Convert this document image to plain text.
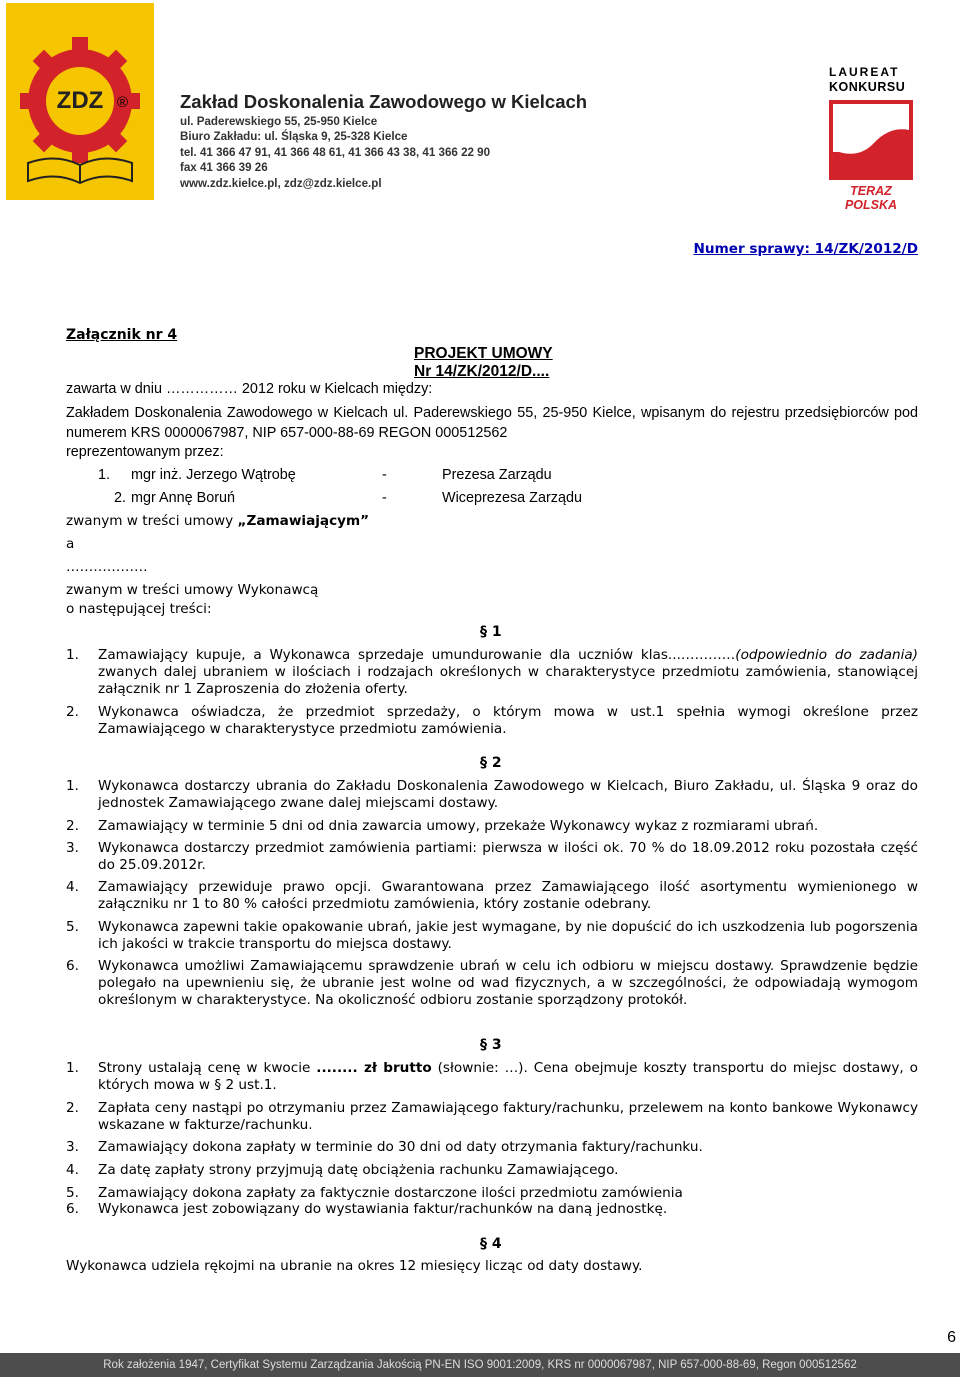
ZDZ ®	Zakład Doskonalenia Zawodowego w Kielcach
ul. Paderewskiego 55, 25-950 Kielce
Biuro Zakładu: ul. Śląska 9, 25-328 Kielce
tel. 41 366 47 91, 41 366 48 61, 41 366 43 38, 41 366 22 90
fax 41 366 39 26
www.zdz.kielce.pl, zdz@zdz.kielce.pl
LAUREAT
KONKURSU
TERAZ POLSKA
Numer sprawy: 14/ZK/2012/D
Załącznik nr 4
PROJEKT UMOWY
Nr 14/ZK/2012/D....
zawarta w dniu …………… 2012 roku w Kielcach między:
Zakładem Doskonalenia Zawodowego w Kielcach ul. Paderewskiego 55, 25-950 Kielce, wpisanym do rejestru przedsiębiorców pod numerem KRS 0000067987, NIP 657-000-88-69 REGON 000512562
reprezentowanym przez:
1. mgr inż. Jerzego Wątrobę	-	Prezesa Zarządu
2. mgr Annę Boruń	-	Wiceprezesa Zarządu
zwanym w treści umowy „Zamawiającym”
a
………………
zwanym w treści umowy Wykonawcą
o następującej treści:
§ 1
1. Zamawiający kupuje, a Wykonawca sprzedaje umundurowanie dla uczniów klas...…………(odpowiednio do zadania) zwanych dalej ubraniem w ilościach i rodzajach określonych w charakterystyce przedmiotu zamówienia, stanowiącej załącznik nr 1 Zaproszenia do złożenia oferty.
2. Wykonawca oświadcza, że przedmiot sprzedaży, o którym mowa w ust.1 spełnia wymogi określone przez Zamawiającego w charakterystyce przedmiotu zamówienia.
§ 2
1. Wykonawca dostarczy ubrania do Zakładu Doskonalenia Zawodowego w Kielcach, Biuro Zakładu, ul. Śląska 9 oraz do jednostek Zamawiającego zwane dalej miejscami dostawy.
2. Zamawiający w terminie 5 dni od dnia zawarcia umowy, przekaże Wykonawcy wykaz z rozmiarami ubrań.
3. Wykonawca dostarczy przedmiot zamówienia partiami: pierwsza w ilości ok. 70 % do 18.09.2012 roku pozostała część do 25.09.2012r.
4. Zamawiający przewiduje prawo opcji. Gwarantowana przez Zamawiającego ilość asortymentu wymienionego w załączniku nr 1 to 80 % całości przedmiotu zamówienia, który zostanie odebrany.
5. Wykonawca zapewni takie opakowanie ubrań, jakie jest wymagane, by nie dopuścić do ich uszkodzenia lub pogorszenia ich jakości w trakcie transportu do miejsca dostawy.
6. Wykonawca umożliwi Zamawiającemu sprawdzenie ubrań w celu ich odbioru w miejscu dostawy. Sprawdzenie będzie polegało na upewnieniu się, że ubranie jest wolne od wad fizycznych, a w szczególności, że odpowiadają wymogom określonym w charakterystyce. Na okoliczność odbioru zostanie sporządzony protokół.
§ 3
1. Strony ustalają cenę w kwocie ........ zł brutto (słownie: …). Cena obejmuje koszty transportu do miejsc dostawy, o których mowa w § 2 ust.1.
2. Zapłata ceny nastąpi po otrzymaniu przez Zamawiającego faktury/rachunku, przelewem na konto bankowe Wykonawcy wskazane w fakturze/rachunku.
3. Zamawiający dokona zapłaty w terminie do 30 dni od daty otrzymania faktury/rachunku.
4. Za datę zapłaty strony przyjmują datę obciążenia rachunku Zamawiającego.
5. Zamawiający dokona zapłaty za faktycznie dostarczone ilości przedmiotu zamówienia
6. Wykonawca jest zobowiązany do wystawiania faktur/rachunków na daną jednostkę.
§ 4
Wykonawca udziela rękojmi na ubranie na okres 12 miesięcy licząc od daty dostawy.
6
Rok założenia 1947, Certyfikat Systemu Zarządzania Jakością PN-EN ISO 9001:2009, KRS nr 0000067987, NIP 657-000-88-69, Regon 000512562
